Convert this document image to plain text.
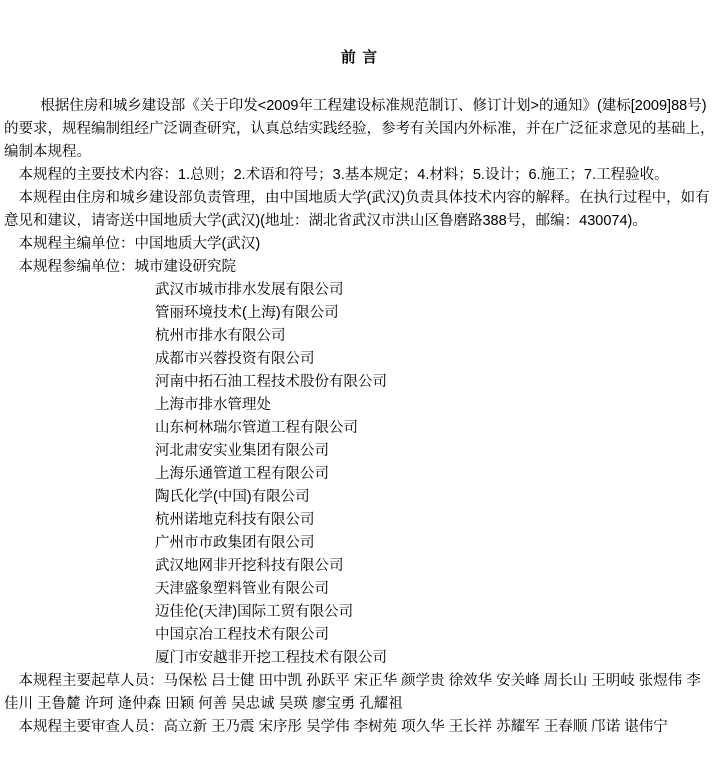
前 言

根据住房和城乡建设部《关于印发<2009年工程建设标准规范制订、修订计划>的通知》(建标[2009]88号)的要求，规程编制组经广泛调查研究，认真总结实践经验，参考有关国内外标准，并在广泛征求意见的基础上，编制本规程。

本规程的主要技术内容：1.总则；2.术语和符号；3.基本规定；4.材料；5.设计；6.施工；7.工程验收。

本规程由住房和城乡建设部负责管理，由中国地质大学(武汉)负责具体技术内容的解释。在执行过程中，如有意见和建议，请寄送中国地质大学(武汉)(地址：湖北省武汉市洪山区鲁磨路388号，邮编：430074)。

本规程主编单位：中国地质大学(武汉)

本规程参编单位：城市建设研究院

武汉市城市排水发展有限公司
管丽环境技术(上海)有限公司
杭州市排水有限公司
成都市兴蓉投资有限公司
河南中拓石油工程技术股份有限公司
上海市排水管理处
山东柯林瑞尔管道工程有限公司
河北肃安实业集团有限公司
上海乐通管道工程有限公司
陶氏化学(中国)有限公司
杭州诺地克科技有限公司
广州市市政集团有限公司
武汉地网非开挖科技有限公司
天津盛象塑料管业有限公司
迈佳伦(天津)国际工贸有限公司
中国京冶工程技术有限公司
厦门市安越非开挖工程技术有限公司

本规程主要起草人员：马保松 吕士健 田中凯 孙跃平 宋正华 颜学贵 徐效华 安关峰 周长山 王明岐 张煜伟 李佳川 王鲁麓 许珂 逄仲森 田颖 何善 吴忠诚 吴瑛 廖宝勇 孔耀祖

本规程主要审查人员：高立新 王乃震 宋序彤 吴学伟 李树苑 项久华 王长祥 苏耀军 王春顺 邝诺 谌伟宁
